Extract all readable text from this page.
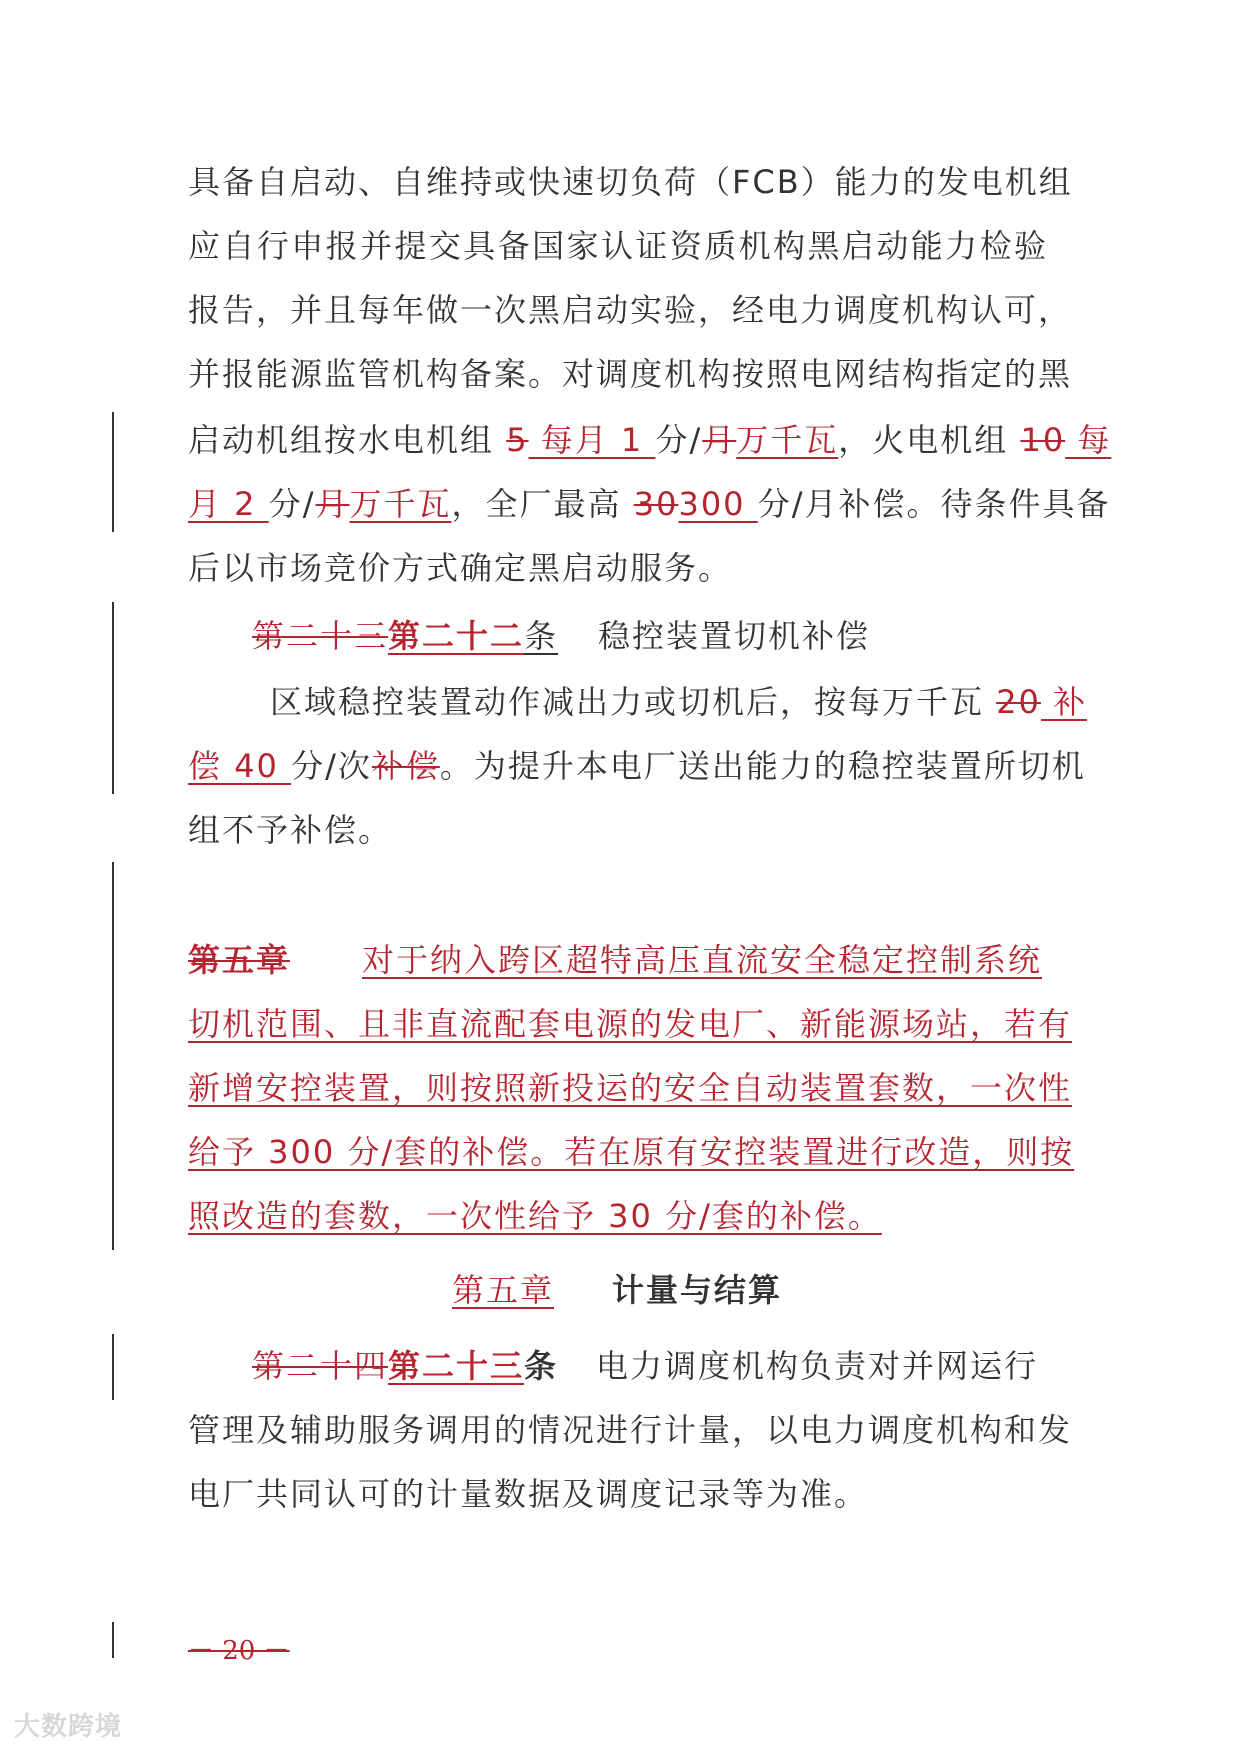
具备自启动、自维持或快速切负荷（FCB）能力的发电机组
应自行申报并提交具备国家认证资质机构黑启动能力检验
报告，并且每年做一次黑启动实验，经电力调度机构认可，
并报能源监管机构备案。对调度机构按照电网结构指定的黑
启动机组按水电机组 5 每月 1 分/月万千瓦，火电机组 10 每
月 2 分/月万千瓦，全厂最高 30300 分/月补偿。待条件具备
后以市场竞价方式确定黑启动服务。
第二十三第二十二条 稳控装置切机补偿
区域稳控装置动作减出力或切机后，按每万千瓦 20 补
偿 40 分/次补偿。为提升本电厂送出能力的稳控装置所切机
组不予补偿。
第五章 对于纳入跨区超特高压直流安全稳定控制系统
切机范围、且非直流配套电源的发电厂、新能源场站，若有
新增安控装置，则按照新投运的安全自动装置套数，一次性
给予 300 分/套的补偿。若在原有安控装置进行改造，则按
照改造的套数，一次性给予 30 分/套的补偿。
第五章 计量与结算
第二十四第二十三条 电力调度机构负责对并网运行
管理及辅助服务调用的情况进行计量，以电力调度机构和发
电厂共同认可的计量数据及调度记录等为准。
－ 20 －
大数跨境
